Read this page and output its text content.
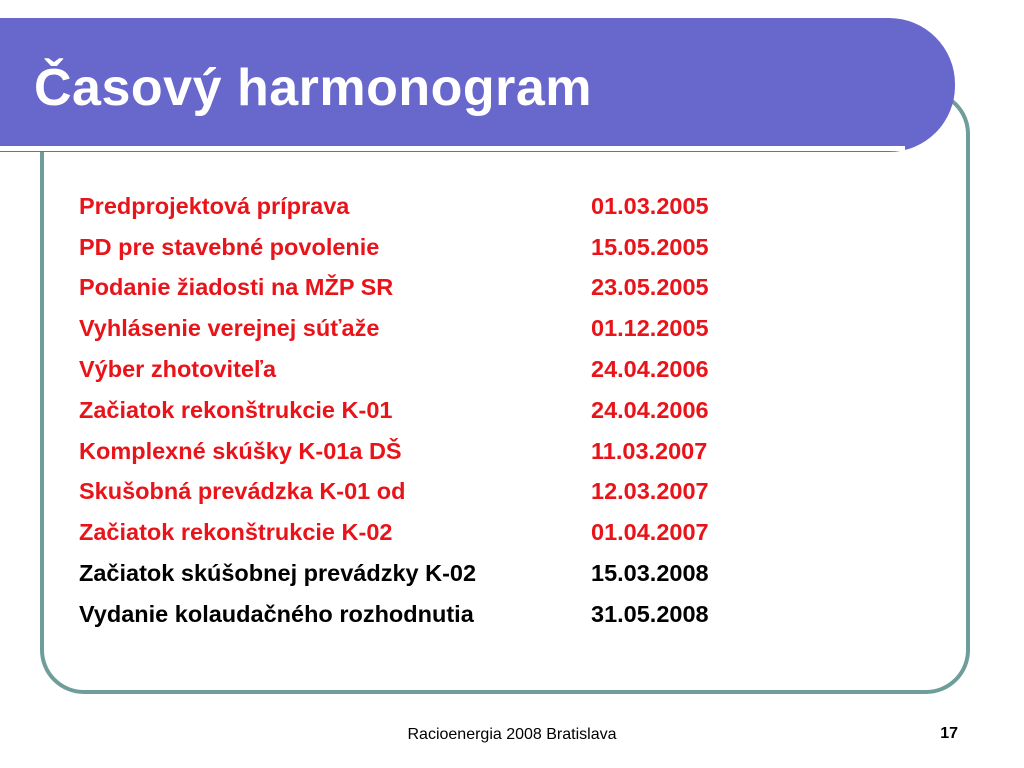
Časový harmonogram
Predprojektová príprava	01.03.2005
PD pre stavebné povolenie	15.05.2005
Podanie žiadosti na MŽP SR	23.05.2005
Vyhlásenie verejnej súťaže	01.12.2005
Výber zhotoviteľa	24.04.2006
Začiatok rekonštrukcie K-01	24.04.2006
Komplexné skúšky K-01a DŠ	11.03.2007
Skušobná prevádzka K-01 od	12.03.2007
Začiatok rekonštrukcie K-02	01.04.2007
Začiatok skúšobnej prevádzky K-02	15.03.2008
Vydanie kolaudačného rozhodnutia	31.05.2008
Racioenergia 2008 Bratislava	17
